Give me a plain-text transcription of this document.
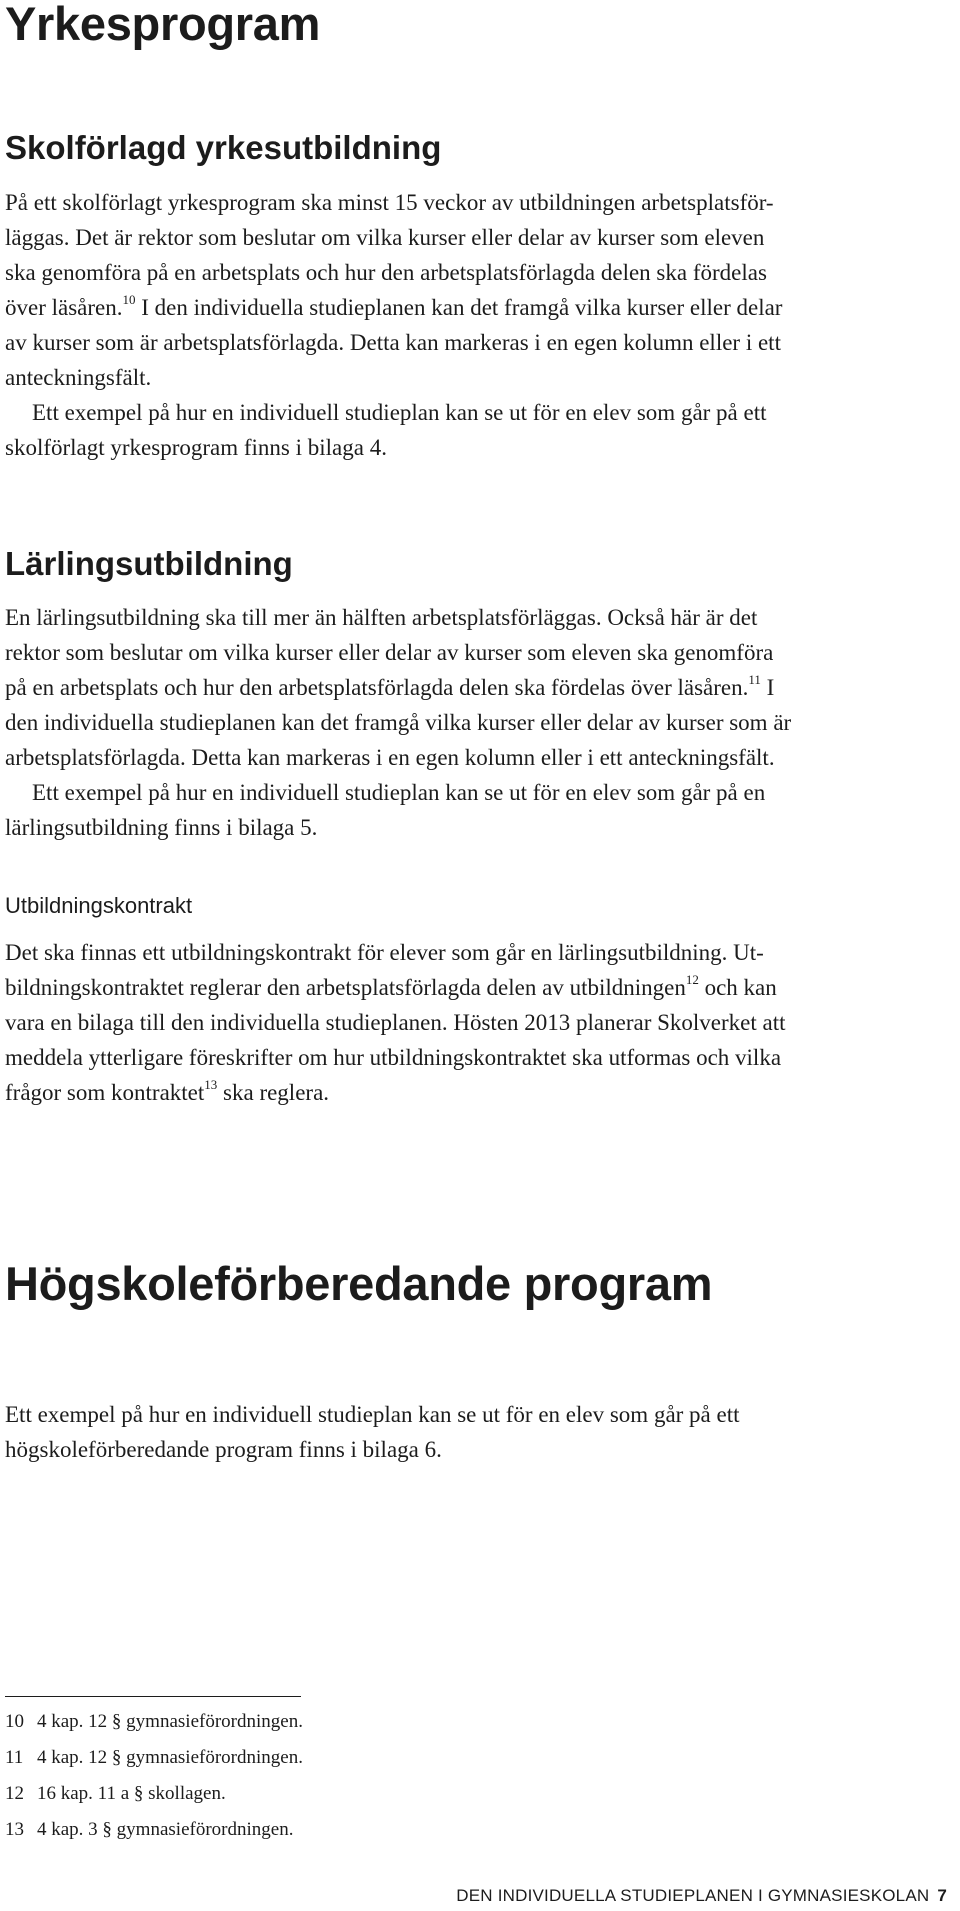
Yrkesprogram
Skolförlagd yrkesutbildning

På ett skolförlagt yrkesprogram ska minst 15 veckor av utbildningen arbetsplatsför-

läggas. Det är rektor som beslutar om vilka kurser eller delar av kurser som eleven

ska genomföra på en arbetsplats och hur den arbetsplatsförlagda delen ska fördelas

över läsåren.$^{10}$ I den individuella studieplanen kan det framgå vilka kurser eller delar

av kurser som är arbetsplatsförlagda. Detta kan markeras i en egen kolumn eller i ett

anteckningsfält.

Ett exempel på hur en individuell studieplan kan se ut för en elev som går på ett

skolförlagt yrkesprogram finns i bilaga 4.

Lärlingsutbildning

En lärlingsutbildning ska till mer än hälften arbetsplatsförläggas. Också här är det

rektor som beslutar om vilka kurser eller delar av kurser som eleven ska genomföra

på en arbetsplats och hur den arbetsplatsförlagda delen ska fördelas över läsåren.$^{11}$ I

den individuella studieplanen kan det framgå vilka kurser eller delar av kurser som är

arbetsplatsförlagda. Detta kan markeras i en egen kolumn eller i ett anteckningsfält.

Ett exempel på hur en individuell studieplan kan se ut för en elev som går på en

lärlingsutbildning finns i bilaga 5.

Utbildningskontrakt

Det ska finnas ett utbildningskontrakt för elever som går en lärlingsutbildning. Ut-

bildningskontraktet reglerar den arbetsplatsförlagda delen av utbildningen$^{12}$ och kan

vara en bilaga till den individuella studieplanen. Hösten 2013 planerar Skolverket att

meddela ytterligare föreskrifter om hur utbildningskontraktet ska utformas och vilka

frågor som kontraktet$^{13}$ ska reglera.

Högskoleförberedande program

Ett exempel på hur en individuell studieplan kan se ut för en elev som går på ett

högskoleförberedande program finns i bilaga 6.

10 4 kap. 12 § gymnasieförordningen.
11 4 kap. 12 § gymnasieförordningen.
12 16 kap. 11 a § skollagen.
13 4 kap. 3 § gymnasieförordningen.
DEN INDIVIDUELLA STUDIEPLANEN I GYMNASIESKOLAN 7
